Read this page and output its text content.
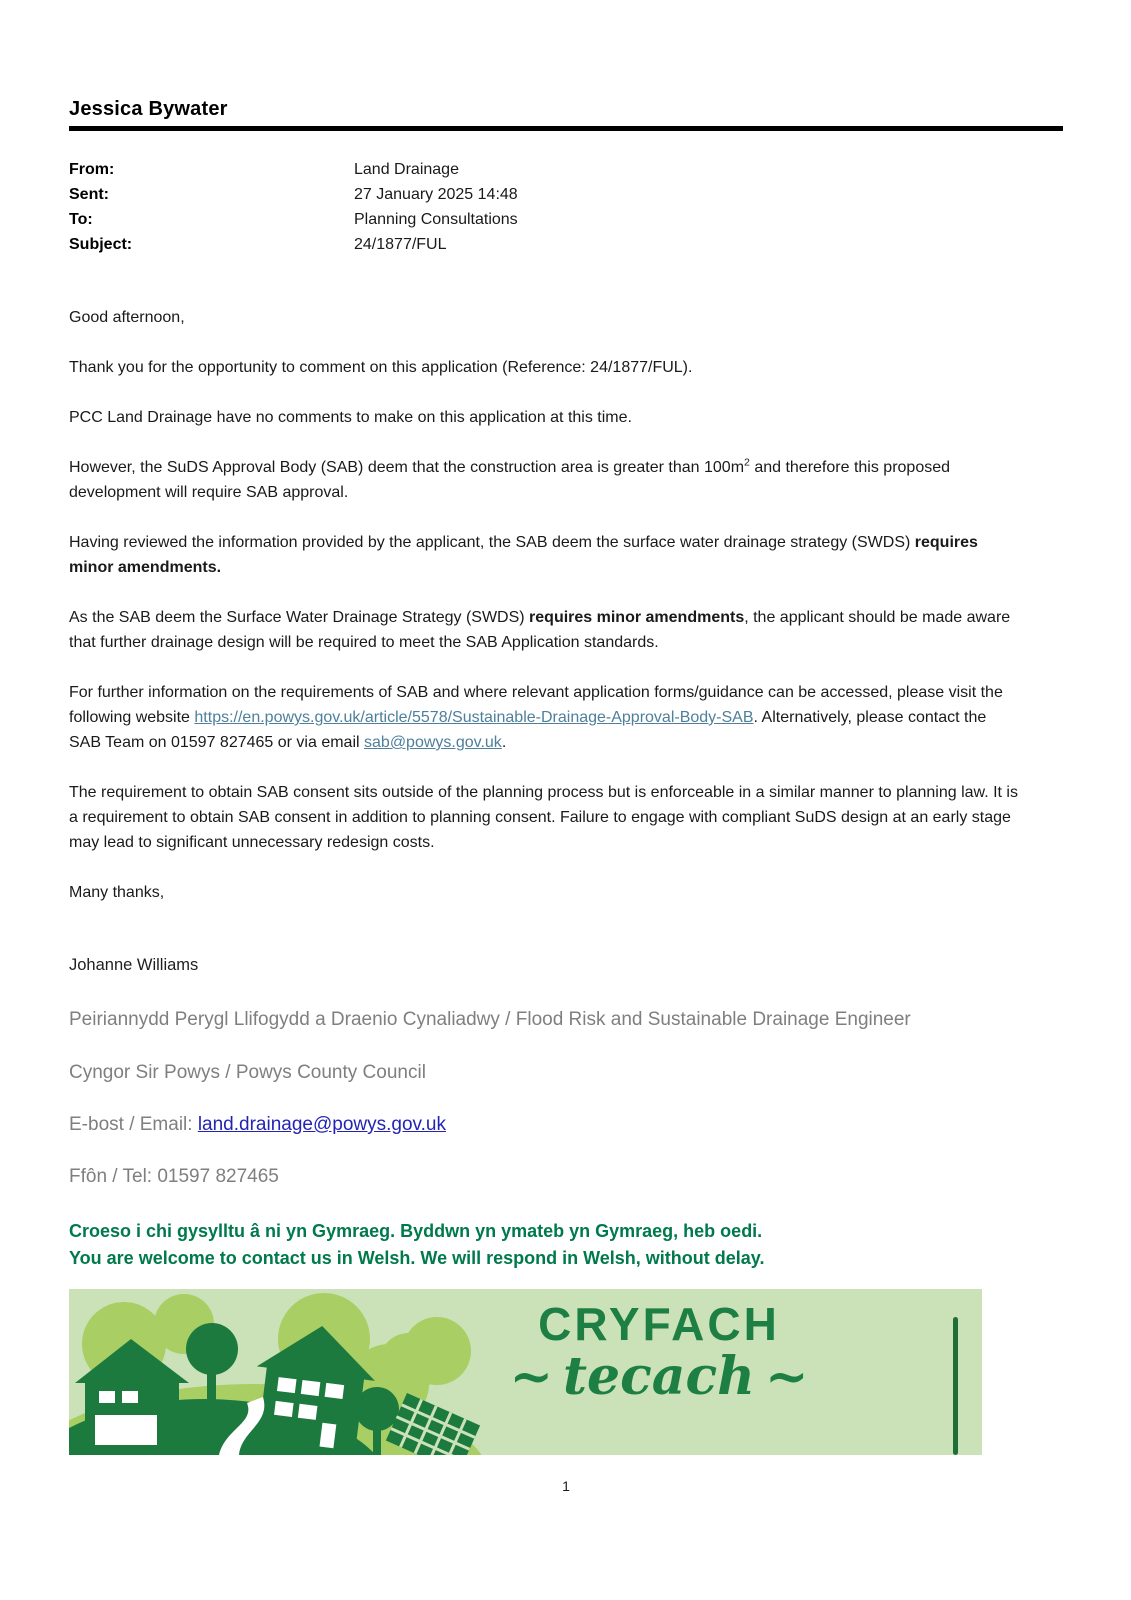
Jessica Bywater
From:	Land Drainage
Sent:	27 January 2025 14:48
To:	Planning Consultations
Subject:	24/1877/FUL

Good afternoon,

Thank you for the opportunity to comment on this application (Reference: 24/1877/FUL).

PCC Land Drainage have no comments to make on this application at this time.

However, the SuDS Approval Body (SAB) deem that the construction area is greater than $100m^2$ and therefore this proposed development will require SAB approval.

Having reviewed the information provided by the applicant, the SAB deem the surface water drainage strategy (SWDS) requires minor amendments.

As the SAB deem the Surface Water Drainage Strategy (SWDS) requires minor amendments, the applicant should be made aware that further drainage design will be required to meet the SAB Application standards.

For further information on the requirements of SAB and where relevant application forms/guidance can be accessed, please visit the following website https://en.powys.gov.uk/article/5578/Sustainable-Drainage-Approval-Body-SAB. Alternatively, please contact the SAB Team on 01597 827465 or via email sab@powys.gov.uk.

The requirement to obtain SAB consent sits outside of the planning process but is enforceable in a similar manner to planning law. It is a requirement to obtain SAB consent in addition to planning consent. Failure to engage with compliant SuDS design at an early stage may lead to significant unnecessary redesign costs.

Many thanks,

Johanne Williams

Peiriannydd Perygl Llifogydd a Draenio Cynaliadwy / Flood Risk and Sustainable Drainage Engineer

Cyngor Sir Powys / Powys County Council

E-bost / Email: land.drainage@powys.gov.uk

Ffôn / Tel: 01597 827465

Croeso i chi gysylltu â ni yn Gymraeg. Byddwn yn ymateb yn Gymraeg, heb oedi.
You are welcome to contact us in Welsh. We will respond in Welsh, without delay.

CRYFACH
~ tecach ~
1
